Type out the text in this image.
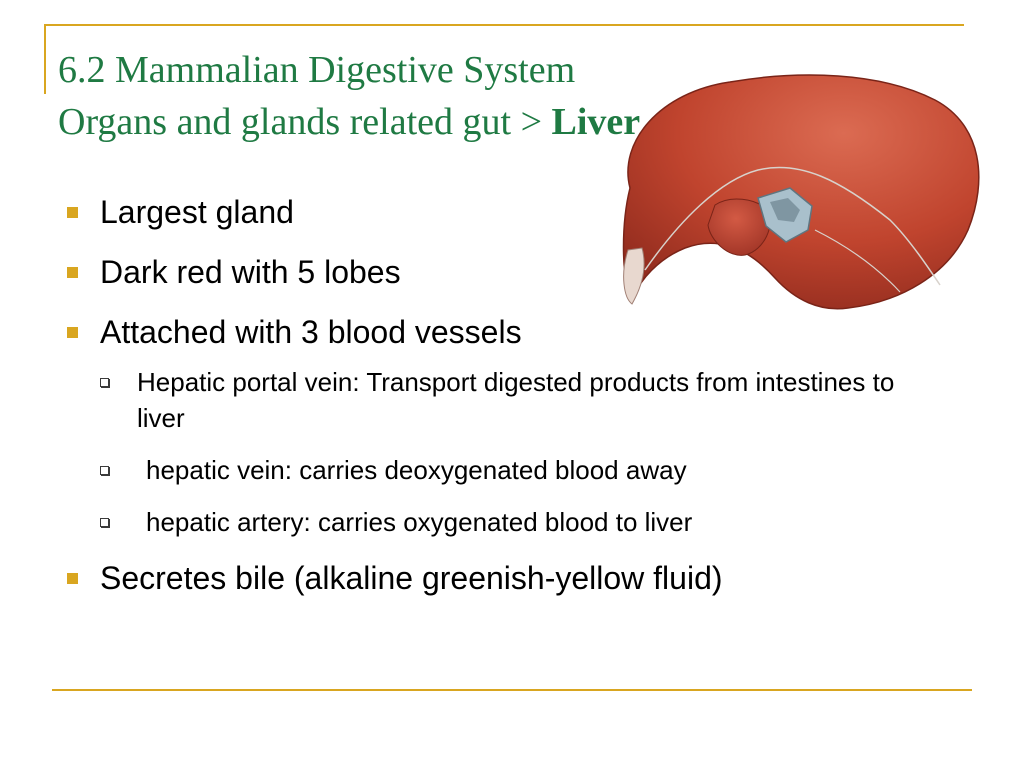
6.2 Mammalian Digestive System
Organs and glands related gut > Liver
Largest gland
Dark red with 5 lobes
Attached with 3 blood vessels
Hepatic portal vein: Transport digested products from intestines to liver
hepatic vein: carries deoxygenated blood away
hepatic artery: carries oxygenated blood to liver
Secretes bile (alkaline greenish-yellow fluid)
